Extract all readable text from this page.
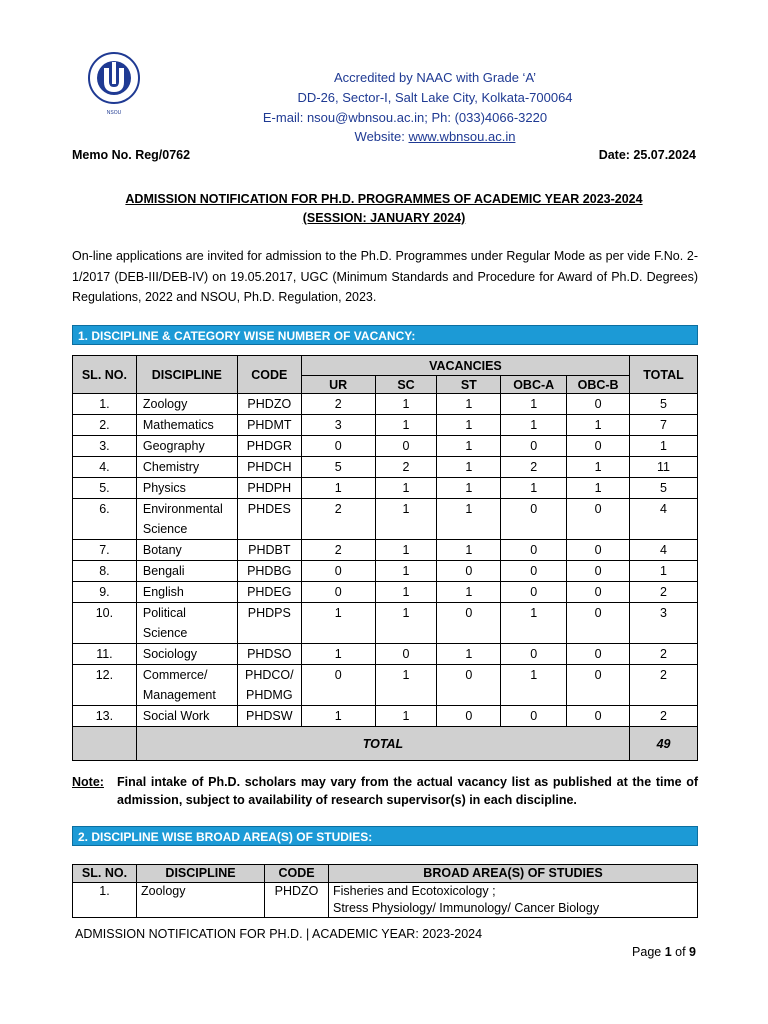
NSOU
Accredited by NAAC with Grade ‘A’
DD-26, Sector-I, Salt Lake City, Kolkata-700064
E-mail: nsou@wbnsou.ac.in; Ph: (033)4066-3220
Website: www.wbnsou.ac.in
Memo No. Reg/0762	Date: 25.07.2024
ADMISSION NOTIFICATION FOR PH.D. PROGRAMMES OF ACADEMIC YEAR 2023-2024
(SESSION: JANUARY 2024)
On-line applications are invited for admission to the Ph.D. Programmes under Regular Mode as per vide F.No. 2-1/2017 (DEB-III/DEB-IV) on 19.05.2017, UGC (Minimum Standards and Procedure for Award of Ph.D. Degrees) Regulations, 2022 and NSOU, Ph.D. Regulation, 2023.
1. DISCIPLINE & CATEGORY WISE NUMBER OF VACANCY:
SL. NO.	DISCIPLINE	CODE	VACANCIES					TOTAL
			UR	SC	ST	OBC-A	OBC-B	
1.	Zoology	PHDZO	2	1	1	1	0	5
2.	Mathematics	PHDMT	3	1	1	1	1	7
3.	Geography	PHDGR	0	0	1	0	0	1
4.	Chemistry	PHDCH	5	2	1	2	1	11
5.	Physics	PHDPH	1	1	1	1	1	5
6.	Environmental Science	PHDES	2	1	1	0	0	4
7.	Botany	PHDBT	2	1	1	0	0	4
8.	Bengali	PHDBG	0	1	0	0	0	1
9.	English	PHDEG	0	1	1	0	0	2
10.	Political Science	PHDPS	1	1	0	1	0	3
11.	Sociology	PHDSO	1	0	1	0	0	2
12.	Commerce/ Management	PHDCO/ PHDMG	0	1	0	1	0	2
13.	Social Work	PHDSW	1	1	0	0	0	2
	TOTAL							49
Note: Final intake of Ph.D. scholars may vary from the actual vacancy list as published at the time of admission, subject to availability of research supervisor(s) in each discipline.
2. DISCIPLINE WISE BROAD AREA(S) OF STUDIES:
SL. NO.	DISCIPLINE	CODE	BROAD AREA(S) OF STUDIES
1.	Zoology	PHDZO	Fisheries and Ecotoxicology ;
Stress Physiology/ Immunology/ Cancer Biology
ADMISSION NOTIFICATION FOR PH.D. | ACADEMIC YEAR: 2023-2024
Page 1 of 9
